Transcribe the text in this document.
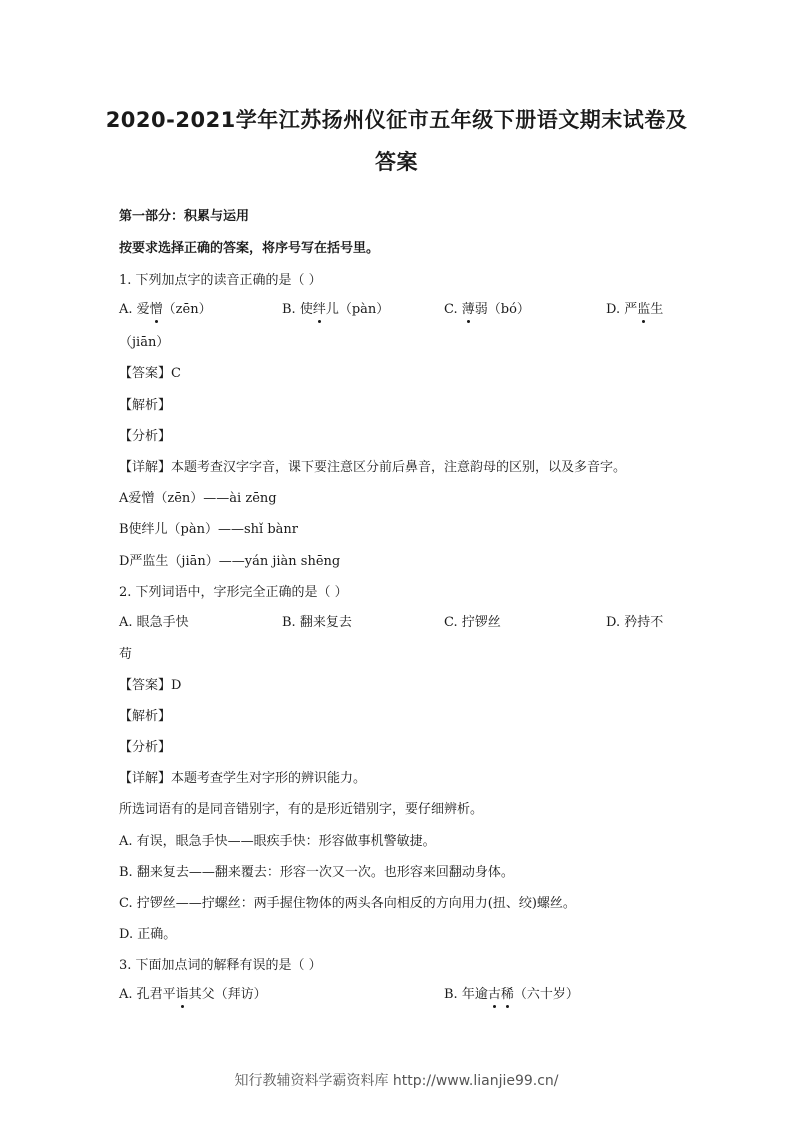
2020-2021学年江苏扬州仪征市五年级下册语文期末试卷及
答案
第一部分：积累与运用
按要求选择正确的答案，将序号写在括号里。
1. 下列加点字的读音正确的是（ ）
A. 爱憎（zēn）	B. 使绊儿（pàn）	C. 薄弱（bó）	D. 严监生
（jiān）
【答案】C
【解析】
【分析】
【详解】本题考查汉字字音，课下要注意区分前后鼻音，注意韵母的区别，以及多音字。
A爱憎（zēn）——ài zēng
B使绊儿（pàn）——shǐ bànr
D严监生（jiān）——yán jiàn shēng
2. 下列词语中，字形完全正确的是（ ）
A. 眼急手快	B. 翻来复去	C. 拧锣丝	D. 矜持不
苟
【答案】D
【解析】
【分析】
【详解】本题考查学生对字形的辨识能力。
所选词语有的是同音错别字，有的是形近错别字，要仔细辨析。
A. 有误，眼急手快——眼疾手快：形容做事机警敏捷。
B. 翻来复去——翻来覆去：形容一次又一次。也形容来回翻动身体。
C. 拧锣丝——拧螺丝：两手握住物体的两头各向相反的方向用力(扭、绞)螺丝。
D. 正确。
3. 下面加点词的解释有误的是（ ）
A. 孔君平诣其父（拜访）	B. 年逾古稀（六十岁）
知行教辅资料学霸资料库 http://www.lianjie99.cn/
